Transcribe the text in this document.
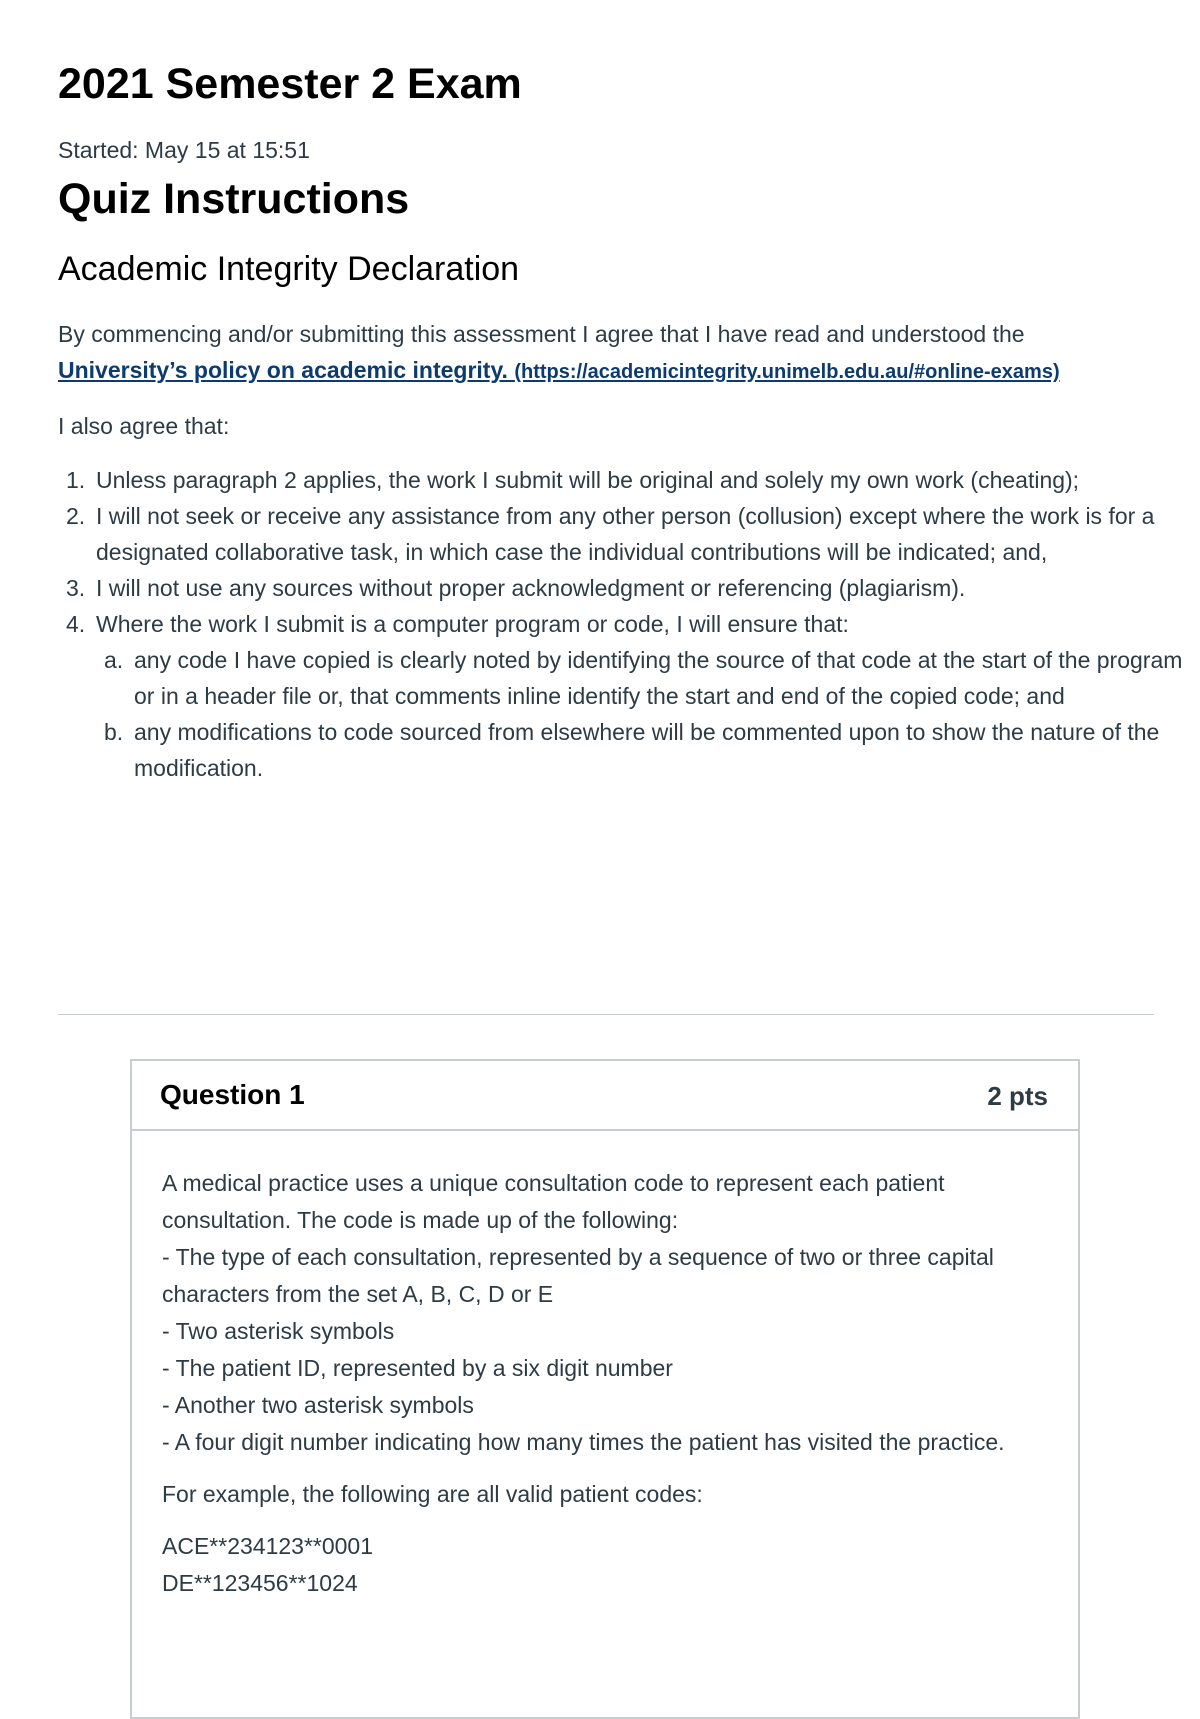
2021 Semester 2 Exam
Started: May 15 at 15:51
Quiz Instructions
Academic Integrity Declaration

By commencing and/or submitting this assessment I agree that I have read and understood the
University’s policy on academic integrity. (https://academicintegrity.unimelb.edu.au/#online-exams)

I also agree that:

1. Unless paragraph 2 applies, the work I submit will be original and solely my own work (cheating);
2. I will not seek or receive any assistance from any other person (collusion) except where the work is for a designated collaborative task, in which case the individual contributions will be indicated; and,
3. I will not use any sources without proper acknowledgment or referencing (plagiarism).
4. Where the work I submit is a computer program or code, I will ensure that:
a. any code I have copied is clearly noted by identifying the source of that code at the start of the program or in a header file or, that comments inline identify the start and end of the copied code; and
b. any modifications to code sourced from elsewhere will be commented upon to show the nature of the modification.
Question 1	2 pts

A medical practice uses a unique consultation code to represent each patient consultation. The code is made up of the following:
- The type of each consultation, represented by a sequence of two or three capital characters from the set A, B, C, D or E
- Two asterisk symbols
- The patient ID, represented by a six digit number
- Another two asterisk symbols
- A four digit number indicating how many times the patient has visited the practice.

For example, the following are all valid patient codes:

ACE**234123**0001
DE**123456**1024
